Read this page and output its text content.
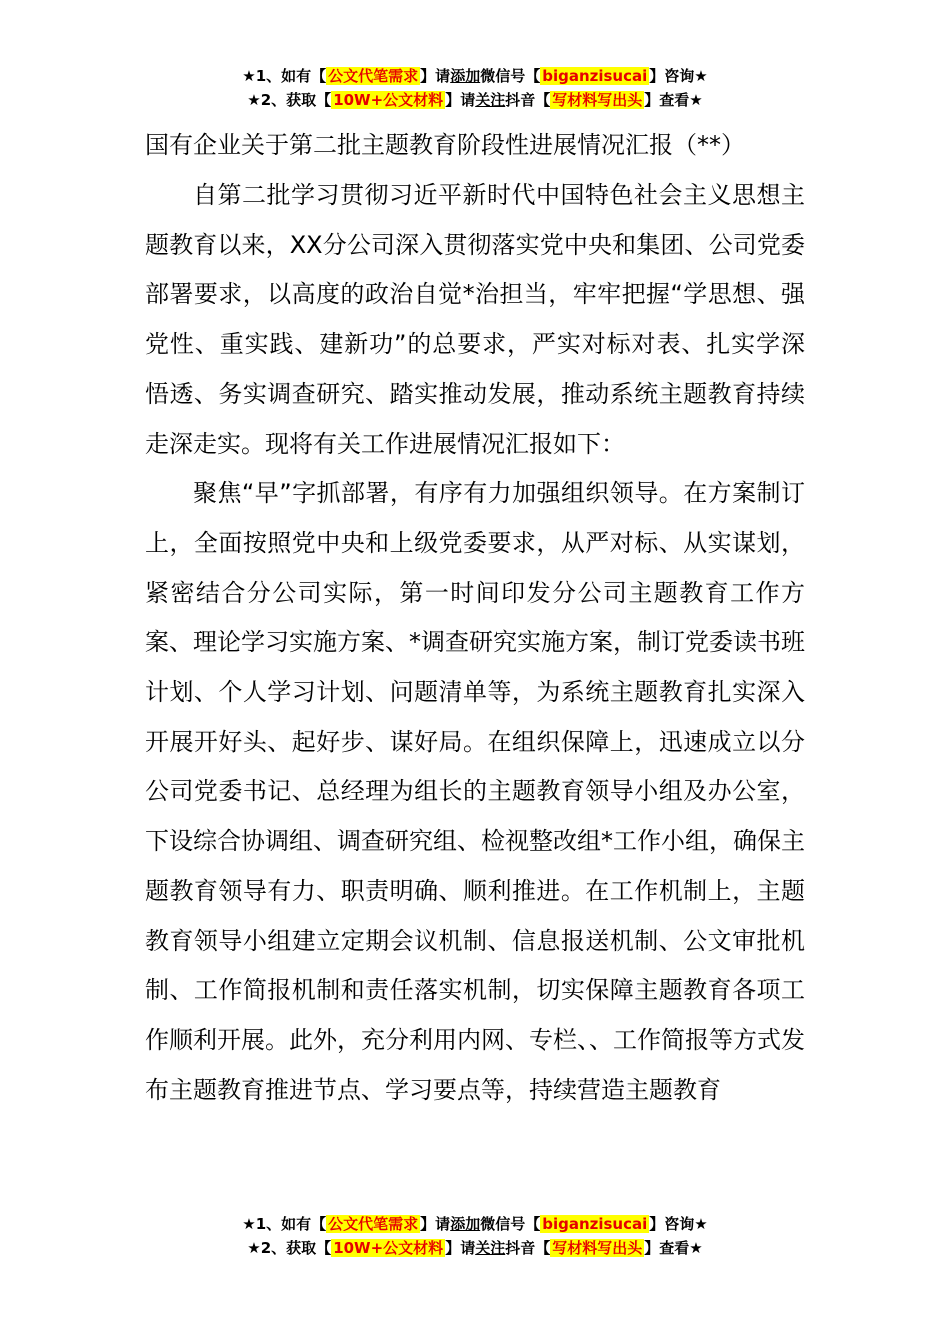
★1、如有【 公文代笔需求 】请添加微信号【 biganzisucai 】咨询★
★2、获取【 10W+公文材料 】请关注抖音【 写材料写出头 】查看★
国有企业关于第二批主题教育阶段性进展情况汇报（**）

自第二批学习贯彻习近平新时代中国特色社会主义思想主题教育以来，XX分公司深入贯彻落实党中央和集团、公司党委部署要求，以高度的政治自觉*治担当，牢牢把握“学思想、强党性、重实践、建新功”的总要求，严实对标对表、扎实学深悟透、务实调查研究、踏实推动发展，推动系统主题教育持续走深走实。现将有关工作进展情况汇报如下：

聚焦“早”字抓部署，有序有力加强组织领导。在方案制订上，全面按照党中央和上级党委要求，从严对标、从实谋划，紧密结合分公司实际，第一时间印发分公司主题教育工作方案、理论学习实施方案、*调查研究实施方案，制订党委读书班计划、个人学习计划、问题清单等，为系统主题教育扎实深入开展开好头、起好步、谋好局。在组织保障上，迅速成立以分公司党委书记、总经理为组长的主题教育领导小组及办公室，下设综合协调组、调查研究组、检视整改组*工作小组，确保主题教育领导有力、职责明确、顺利推进。在工作机制上，主题教育领导小组建立定期会议机制、信息报送机制、公文审批机制、工作简报机制和责任落实机制，切实保障主题教育各项工作顺利开展。此外，充分利用内网、专栏、、工作简报等方式发布主题教育推进节点、学习要点等，持续营造主题教育

★1、如有【 公文代笔需求 】请添加微信号【 biganzisucai 】咨询★
★2、获取【 10W+公文材料 】请关注抖音【 写材料写出头 】查看★
